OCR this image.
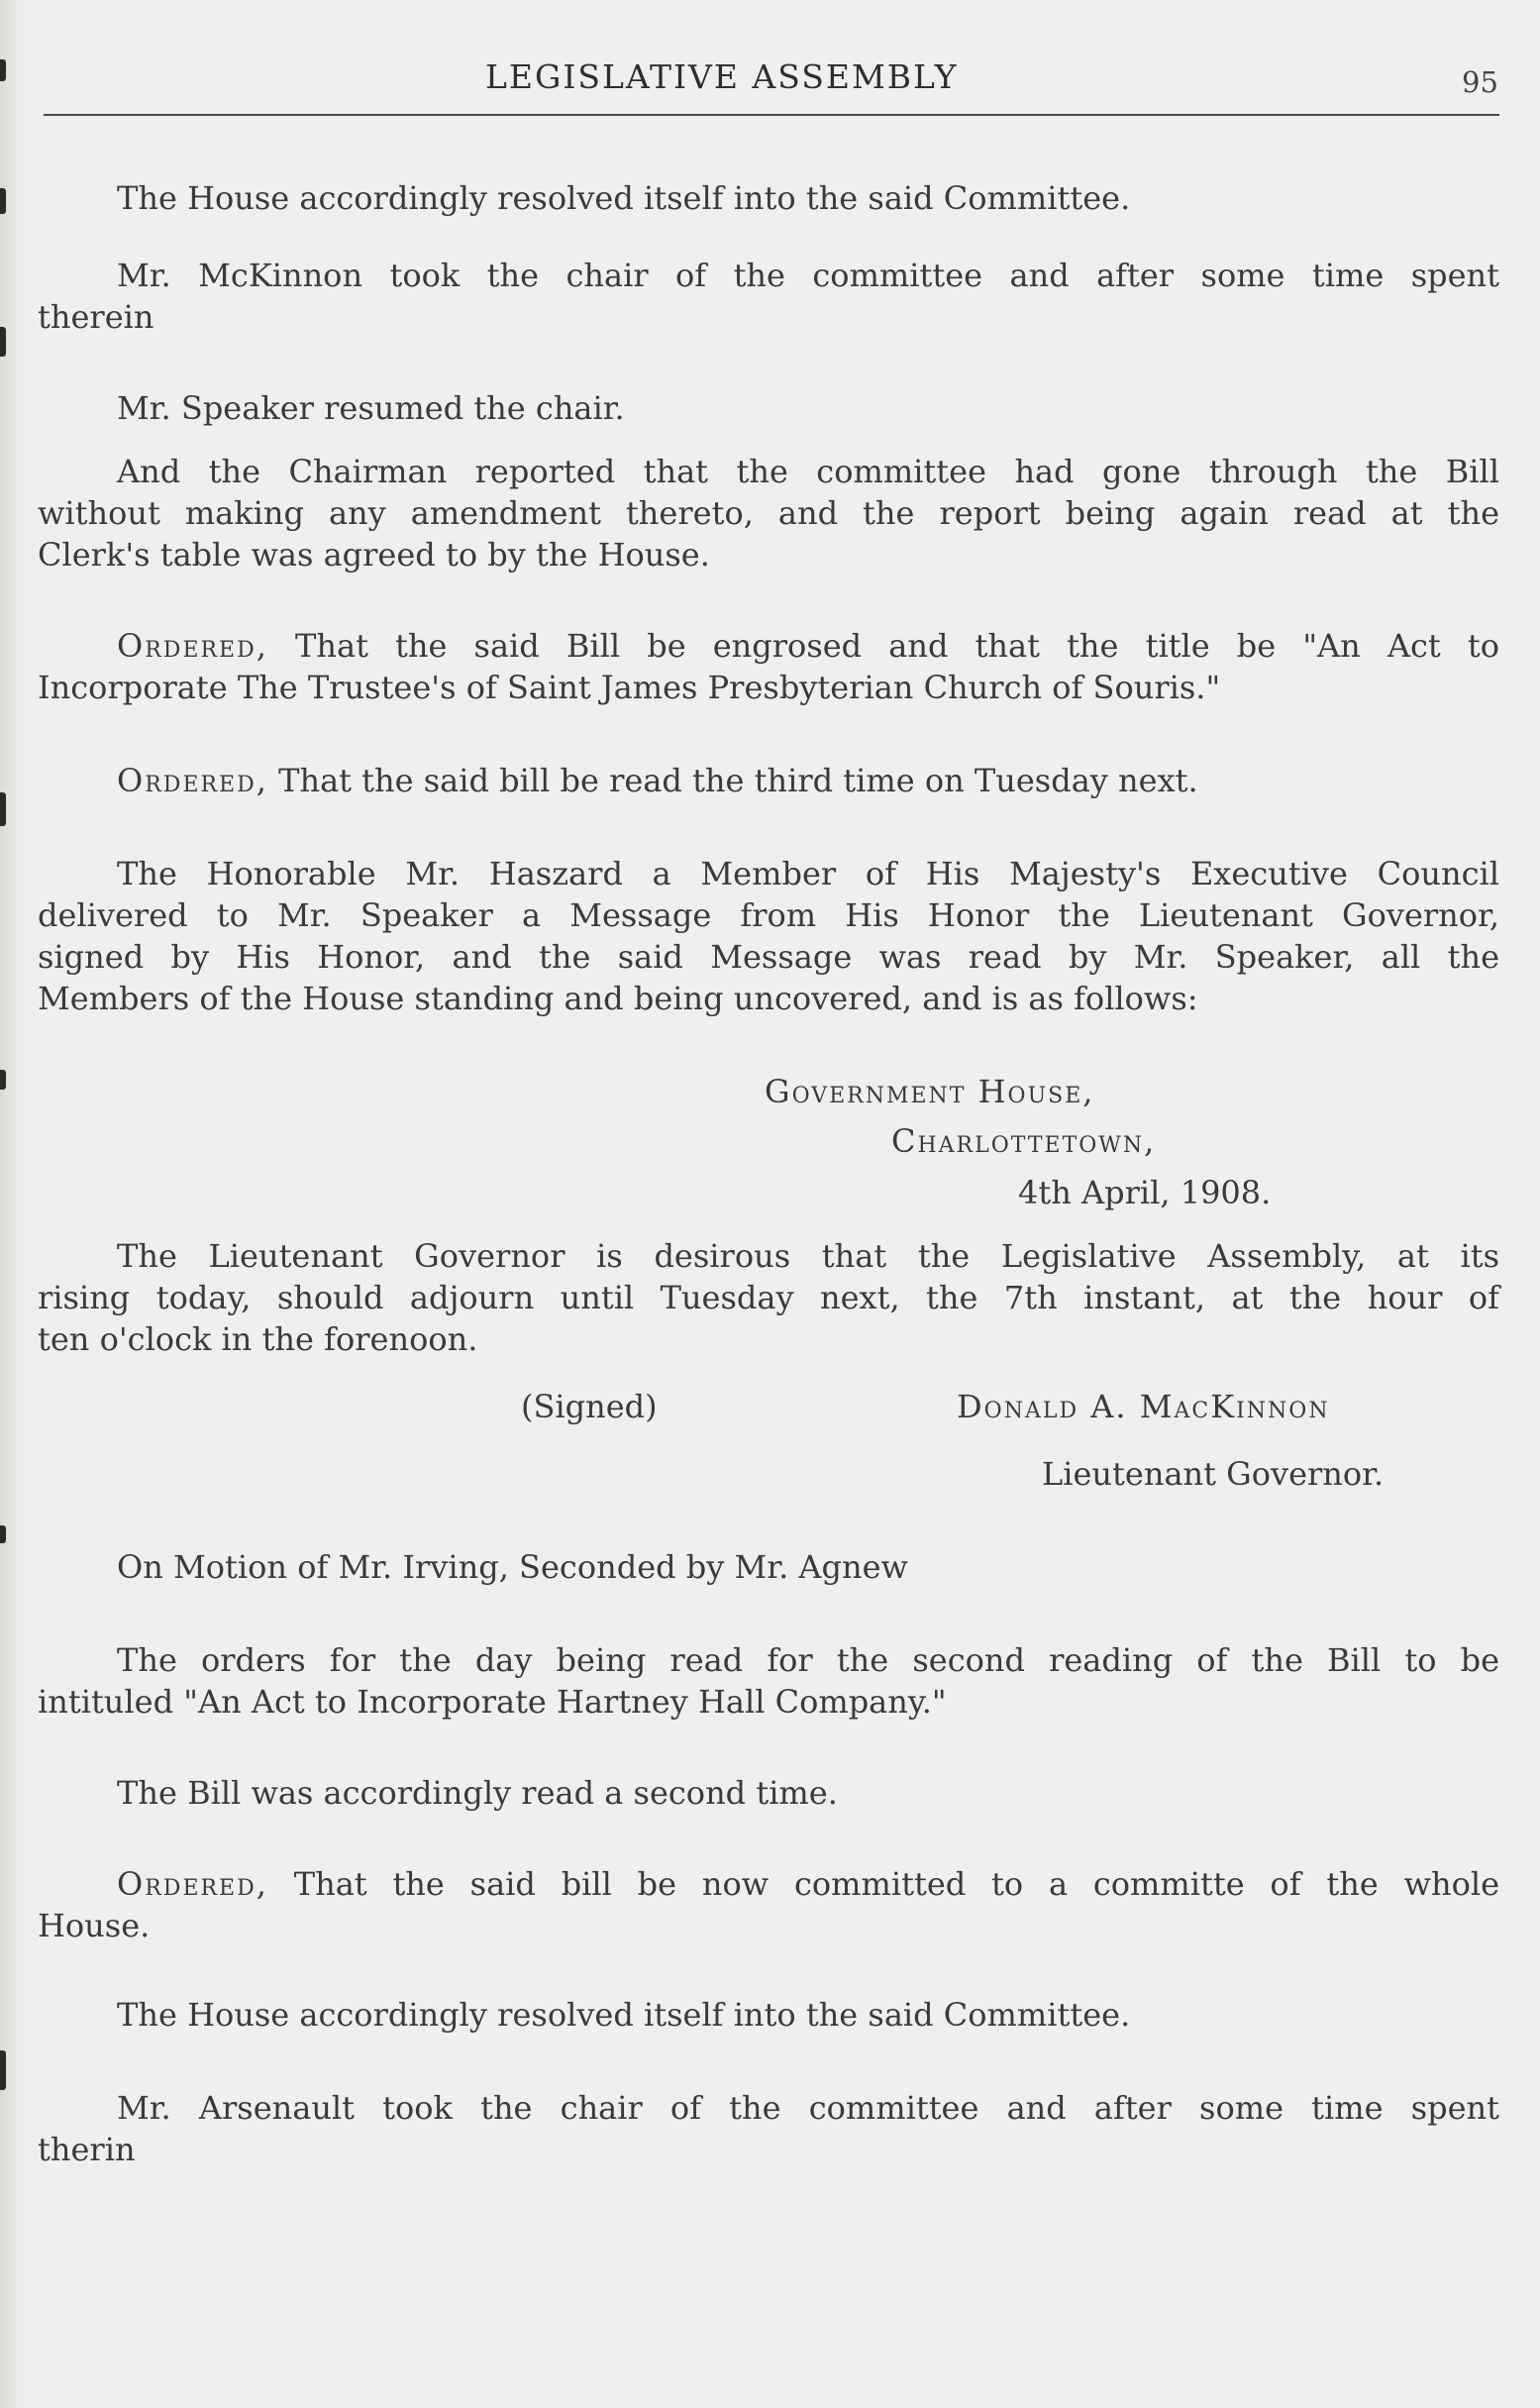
LEGISLATIVE ASSEMBLY	95

The House accordingly resolved itself into the said Committee.

Mr. McKinnon took the chair of the committee and after some time spent

therein

Mr. Speaker resumed the chair.

And the Chairman reported that the committee had gone through the Bill

without making any amendment thereto, and the report being again read at the

Clerk's table was agreed to by the House.

Ordered, That the said Bill be engrosed and that the title be "An Act to

Incorporate The Trustee's of Saint James Presbyterian Church of Souris."

Ordered, That the said bill be read the third time on Tuesday next.

The Honorable Mr. Haszard a Member of His Majesty's Executive Council

delivered to Mr. Speaker a Message from His Honor the Lieutenant Governor,

signed by His Honor, and the said Message was read by Mr. Speaker, all the

Members of the House standing and being uncovered, and is as follows:

Government House,
Charlottetown,
4th April, 1908.

The Lieutenant Governor is desirous that the Legislative Assembly, at its

rising today, should adjourn until Tuesday next, the 7th instant, at the hour of

ten o'clock in the forenoon.

(Signed)	Donald A. MacKinnon
Lieutenant Governor.

On Motion of Mr. Irving, Seconded by Mr. Agnew

The orders for the day being read for the second reading of the Bill to be

intituled "An Act to Incorporate Hartney Hall Company."

The Bill was accordingly read a second time.

Ordered, That the said bill be now committed to a committe of the whole

House.

The House accordingly resolved itself into the said Committee.

Mr. Arsenault took the chair of the committee and after some time spent

therin
